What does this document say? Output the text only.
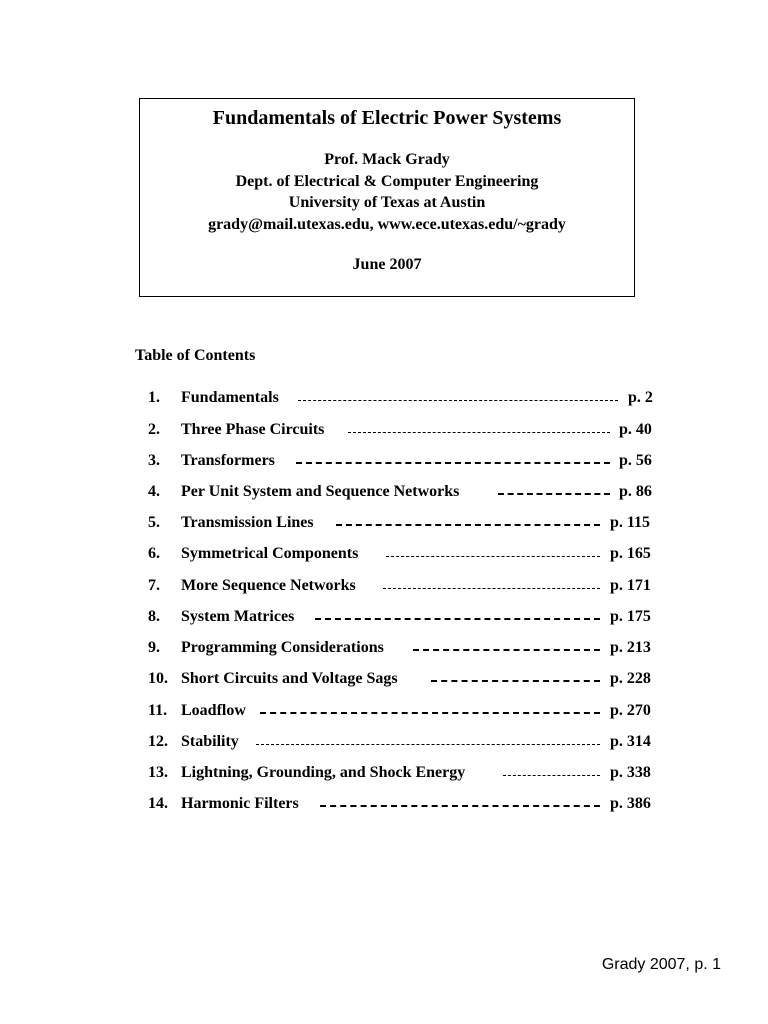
Fundamentals of Electric Power Systems
Prof. Mack Grady
Dept. of Electrical & Computer Engineering
University of Texas at Austin
grady@mail.utexas.edu, www.ece.utexas.edu/~grady
June 2007
Table of Contents
1. Fundamentals	p. 2
2. Three Phase Circuits	p. 40
3. Transformers	p. 56
4. Per Unit System and Sequence Networks	p. 86
5. Transmission Lines	p. 115
6. Symmetrical Components	p. 165
7. More Sequence Networks	p. 171
8. System Matrices	p. 175
9. Programming Considerations	p. 213
10. Short Circuits and Voltage Sags	p. 228
11. Loadflow	p. 270
12. Stability	p. 314
13. Lightning, Grounding, and Shock Energy	p. 338
14. Harmonic Filters	p. 386
Grady 2007, p. 1
